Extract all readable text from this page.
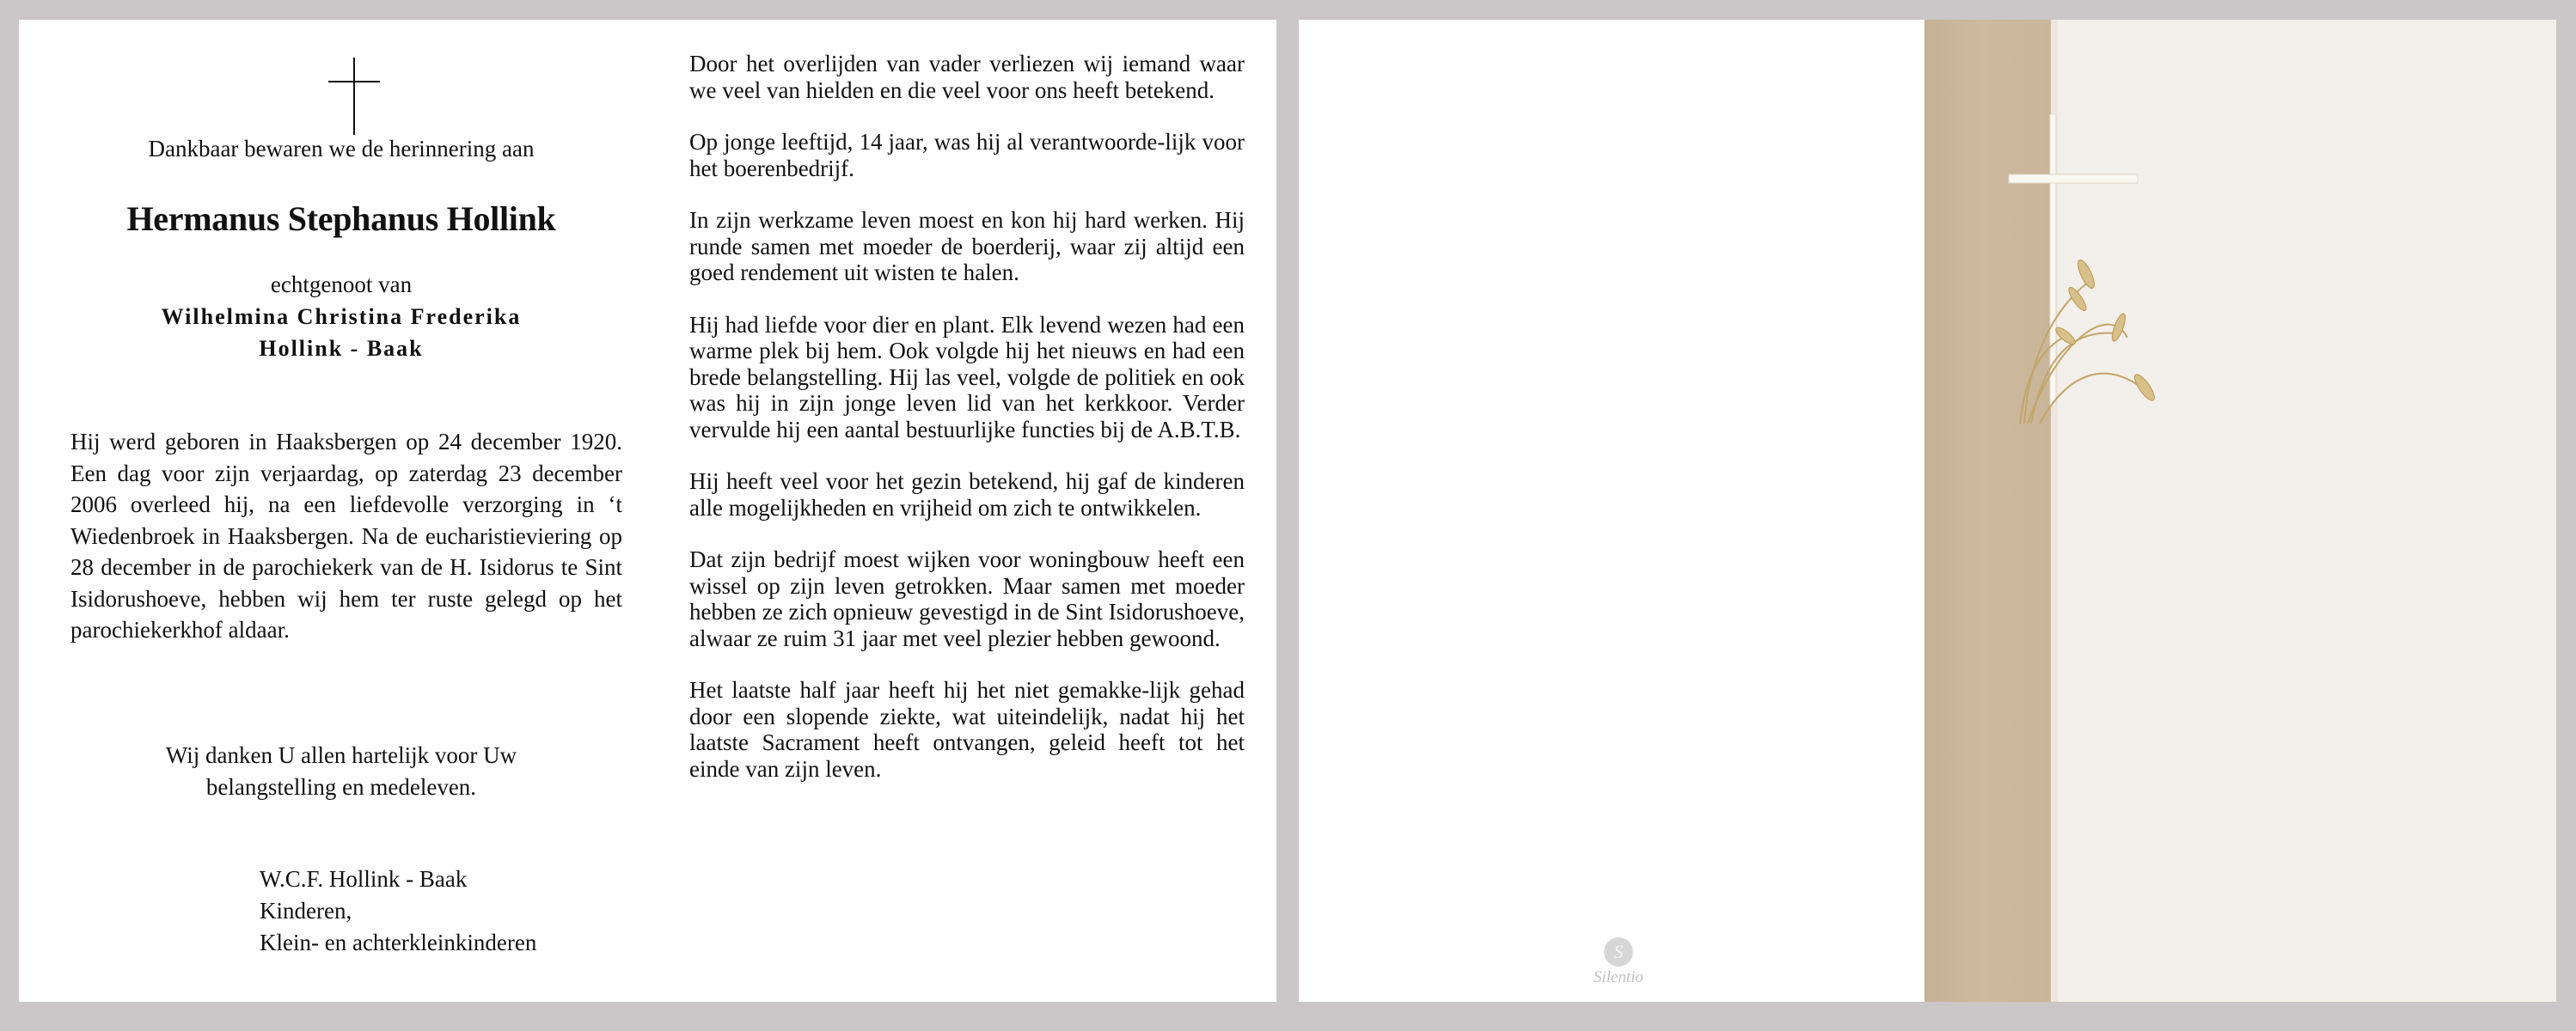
Dankbaar bewaren we de herinnering aan
Hermanus Stephanus Hollink
echtgenoot van
Wilhelmina Christina Frederika
Hollink - Baak

Hij werd geboren in Haaksbergen op 24 december 1920. Een dag voor zijn verjaardag, op zaterdag 23 december 2006 overleed hij, na een liefdevolle verzorging in ‘t Wiedenbroek in Haaksbergen. Na de eucharistieviering op 28 december in de parochiekerk van de H. Isidorus te Sint Isidorushoeve, hebben wij hem ter ruste gelegd op het parochiekerkhof aldaar.

Wij danken U allen hartelijk voor Uw
belangstelling en medeleven.
W.C.F. Hollink - Baak
Kinderen,
Klein- en achterkleinkinderen

Door het overlijden van vader verliezen wij iemand waar we veel van hielden en die veel voor ons heeft betekend.

Op jonge leeftijd, 14 jaar, was hij al verantwoorde-lijk voor het boerenbedrijf.

In zijn werkzame leven moest en kon hij hard werken. Hij runde samen met moeder de boerderij, waar zij altijd een goed rendement uit wisten te halen.

Hij had liefde voor dier en plant. Elk levend wezen had een warme plek bij hem. Ook volgde hij het nieuws en had een brede belangstelling. Hij las veel, volgde de politiek en ook was hij in zijn jonge leven lid van het kerkkoor. Verder vervulde hij een aantal bestuurlijke functies bij de A.B.T.B.

Hij heeft veel voor het gezin betekend, hij gaf de kinderen alle mogelijkheden en vrijheid om zich te ontwikkelen.

Dat zijn bedrijf moest wijken voor woningbouw heeft een wissel op zijn leven getrokken. Maar samen met moeder hebben ze zich opnieuw gevestigd in de Sint Isidorushoeve, alwaar ze ruim 31 jaar met veel plezier hebben gewoond.

Het laatste half jaar heeft hij het niet gemakke-lijk gehad door een slopende ziekte, wat uiteindelijk, nadat hij het laatste Sacrament heeft ontvangen, geleid heeft tot het einde van zijn leven.

S
Silentio
